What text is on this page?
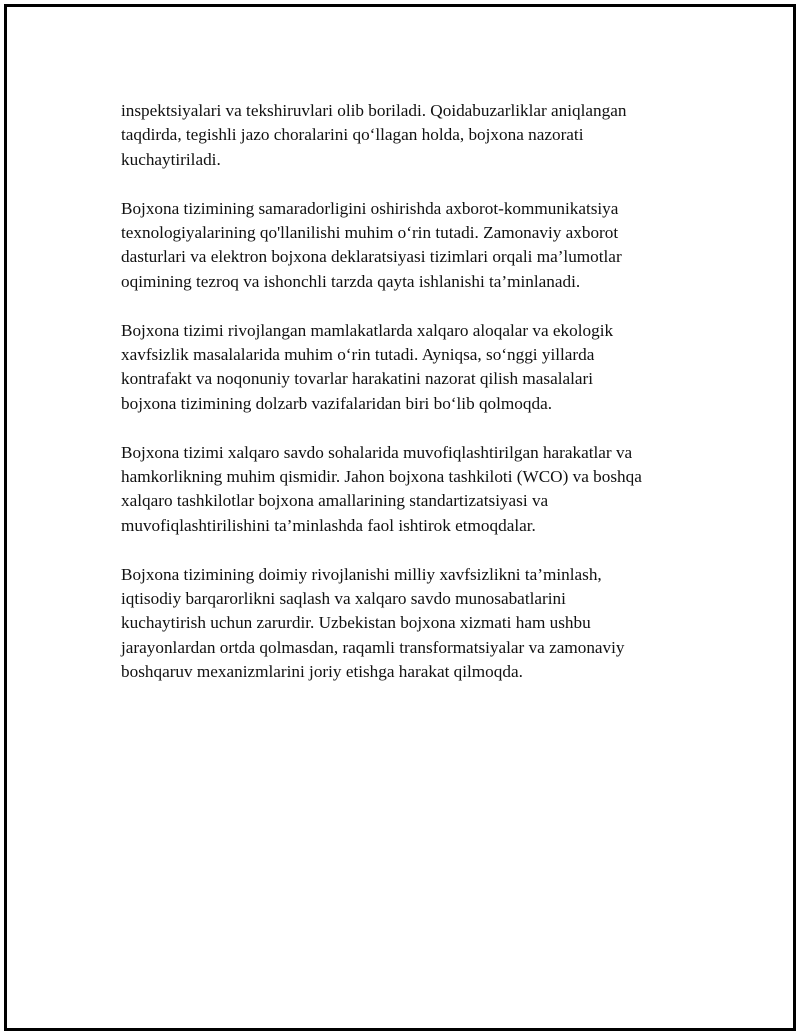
inspektsiyalari va tekshiruvlari olib boriladi. Qoidabuzarliklar aniqlangan
taqdirda, tegishli jazo choralarini qo‘llagan holda, bojxona nazorati
kuchaytiriladi.

Bojxona tizimining samaradorligini oshirishda axborot-kommunikatsiya
texnologiyalarining qo'llanilishi muhim o‘rin tutadi. Zamonaviy axborot
dasturlari va elektron bojxona deklaratsiyasi tizimlari orqali ma’lumotlar
oqimining tezroq va ishonchli tarzda qayta ishlanishi ta’minlanadi.

Bojxona tizimi rivojlangan mamlakatlarda xalqaro aloqalar va ekologik
xavfsizlik masalalarida muhim o‘rin tutadi. Ayniqsa, so‘nggi yillarda
kontrafakt va noqonuniy tovarlar harakatini nazorat qilish masalalari
bojxona tizimining dolzarb vazifalaridan biri bo‘lib qolmoqda.

Bojxona tizimi xalqaro savdo sohalarida muvofiqlashtirilgan harakatlar va
hamkorlikning muhim qismidir. Jahon bojxona tashkiloti (WCO) va boshqa
xalqaro tashkilotlar bojxona amallarining standartizatsiyasi va
muvofiqlashtirilishini ta’minlashda faol ishtirok etmoqdalar.

Bojxona tizimining doimiy rivojlanishi milliy xavfsizlikni ta’minlash,
iqtisodiy barqarorlikni saqlash va xalqaro savdo munosabatlarini
kuchaytirish uchun zarurdir. Uzbekistan bojxona xizmati ham ushbu
jarayonlardan ortda qolmasdan, raqamli transformatsiyalar va zamonaviy
boshqaruv mexanizmlarini joriy etishga harakat qilmoqda.
